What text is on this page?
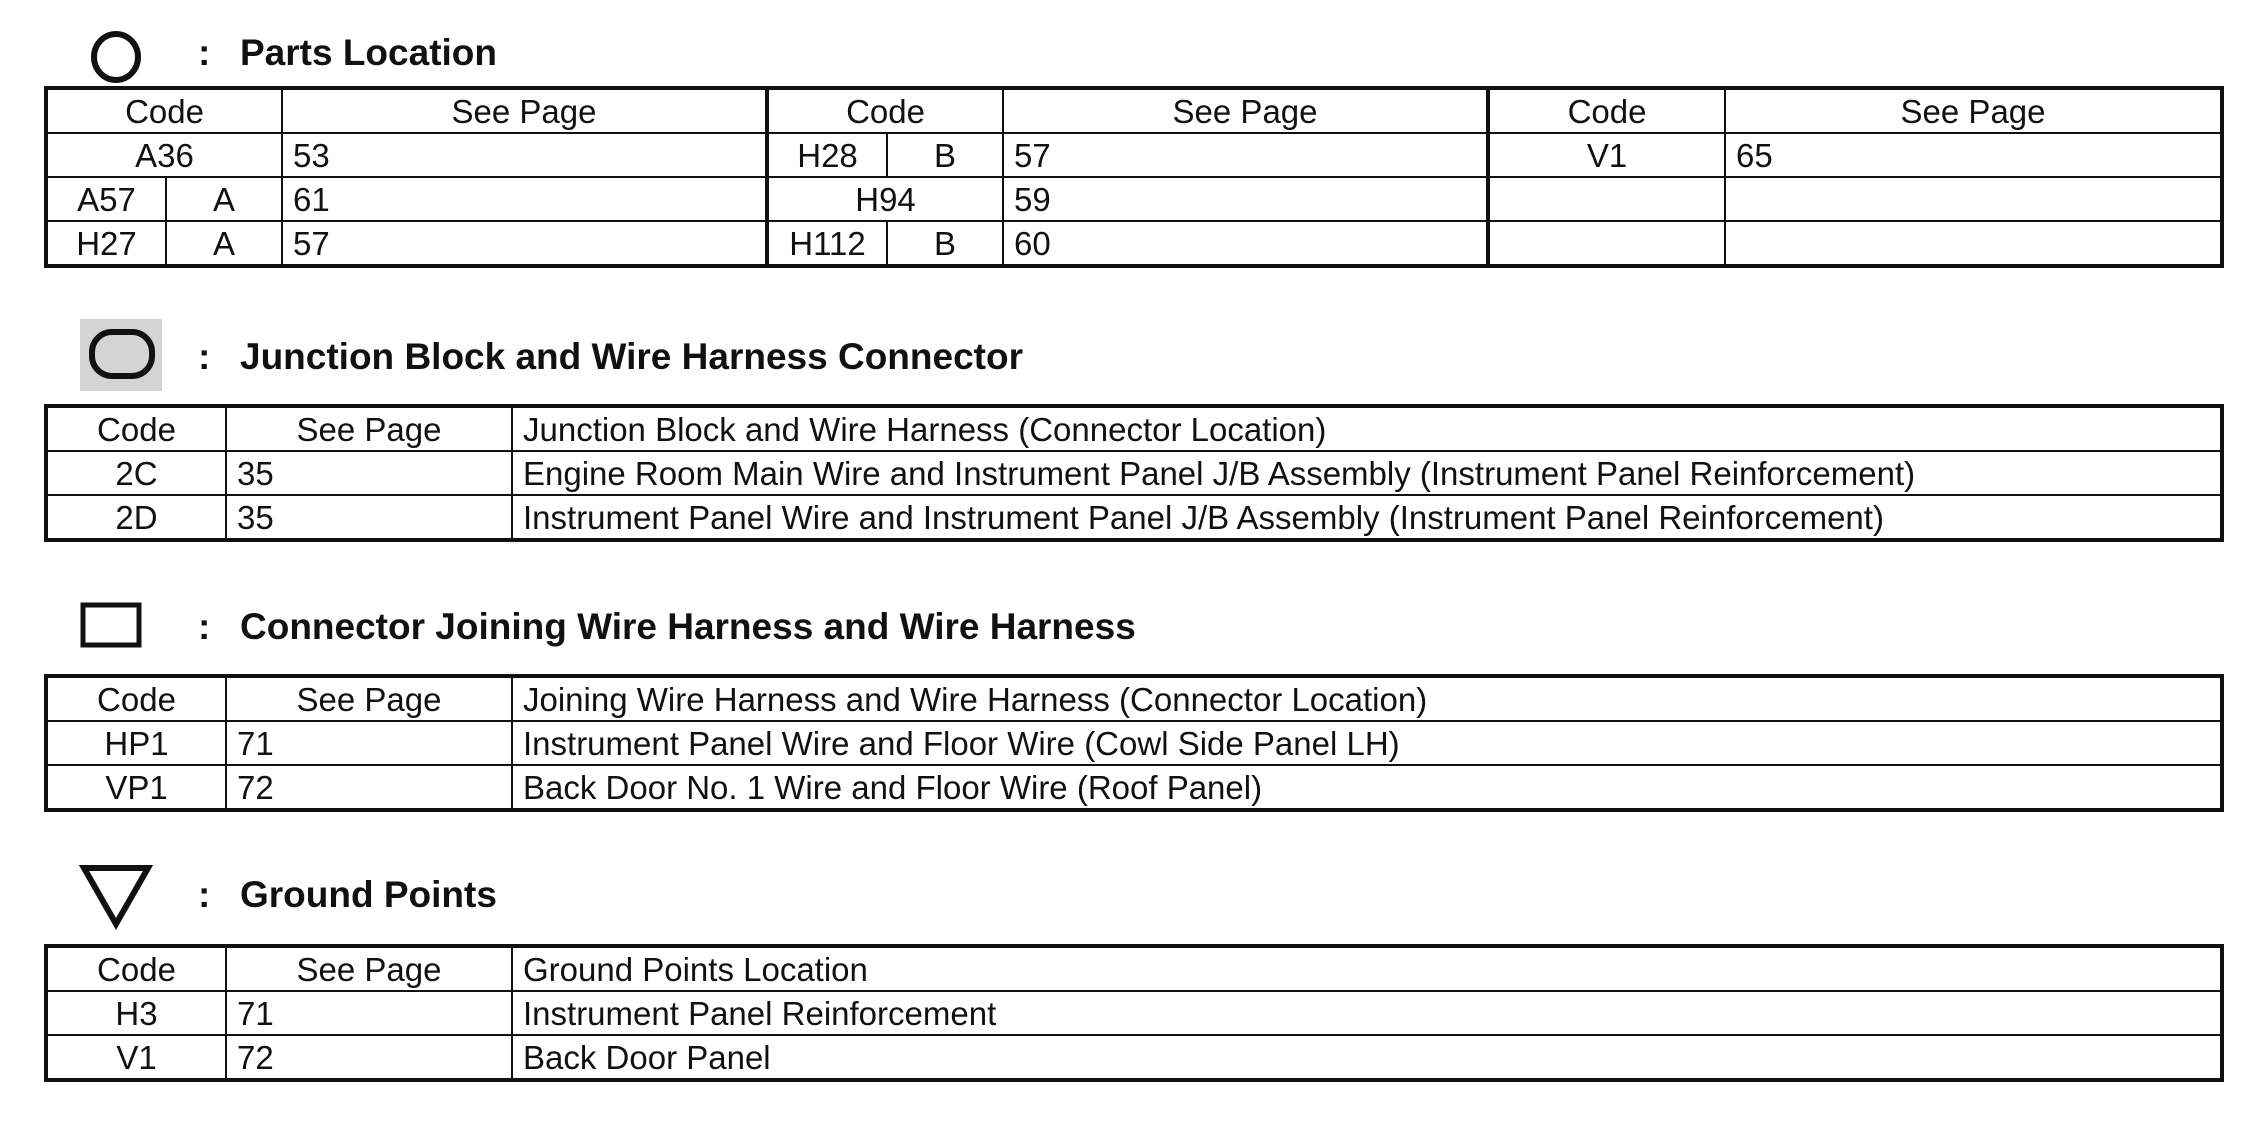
: Parts Location
Code		See Page	Code		See Page	Code	See Page
A36		53	H28	B	57	V1	65
A57	A	61	H94		59		
H27	A	57	H112	B	60		
: Junction Block and Wire Harness Connector
Code	See Page	Junction Block and Wire Harness (Connector Location)
2C	35	Engine Room Main Wire and Instrument Panel J/B Assembly (Instrument Panel Reinforcement)
2D	35	Instrument Panel Wire and Instrument Panel J/B Assembly (Instrument Panel Reinforcement)
: Connector Joining Wire Harness and Wire Harness
Code	See Page	Joining Wire Harness and Wire Harness (Connector Location)
HP1	71	Instrument Panel Wire and Floor Wire (Cowl Side Panel LH)
VP1	72	Back Door No. 1 Wire and Floor Wire (Roof Panel)
: Ground Points
Code	See Page	Ground Points Location
H3	71	Instrument Panel Reinforcement
V1	72	Back Door Panel
